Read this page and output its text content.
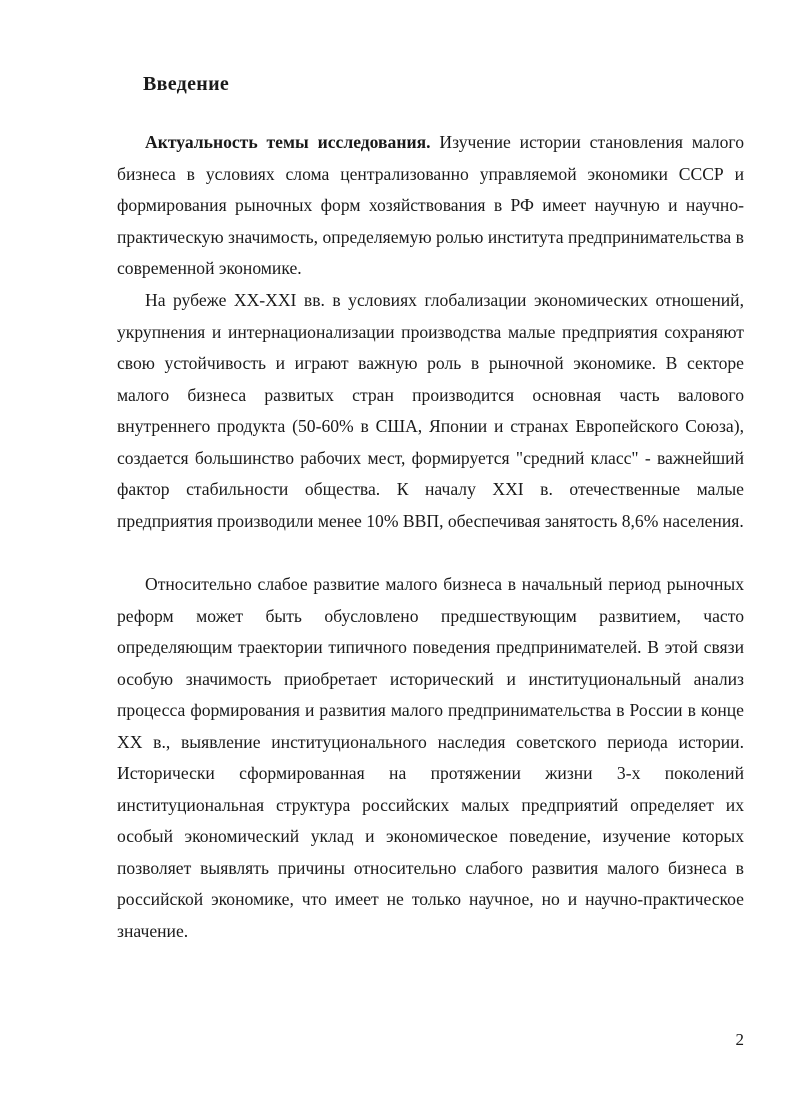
Введение

Актуальность темы исследования. Изучение истории становления малого бизнеса в условиях слома централизованно управляемой экономики СССР и формирования рыночных форм хозяйствования в РФ имеет научную и научно-практическую значимость, определяемую ролью института предпринимательства в современной экономике.

На рубеже XX-XXI вв. в условиях глобализации экономических отношений, укрупнения и интернационализации производства малые предприятия сохраняют свою устойчивость и играют важную роль в рыночной экономике. В секторе малого бизнеса развитых стран производится основная часть валового внутреннего продукта (50-60% в США, Японии и странах Европейского Союза), создается большинство рабочих мест, формируется "средний класс" - важнейший фактор стабильности общества. К началу XXI в. отечественные малые предприятия производили менее 10% ВВП, обеспечивая занятость 8,6% населения.

Относительно слабое развитие малого бизнеса в начальный период рыночных реформ может быть обусловлено предшествующим развитием, часто определяющим траектории типичного поведения предпринимателей. В этой связи особую значимость приобретает исторический и институциональный анализ процесса формирования и развития малого предпринимательства в России в конце XX в., выявление институционального наследия советского периода истории. Исторически сформированная на протяжении жизни 3-х поколений институциональная структура российских малых предприятий определяет их особый экономический уклад и экономическое поведение, изучение которых позволяет выявлять причины относительно слабого развития малого бизнеса в российской экономике, что имеет не только научное, но и научно-практическое значение.

2
